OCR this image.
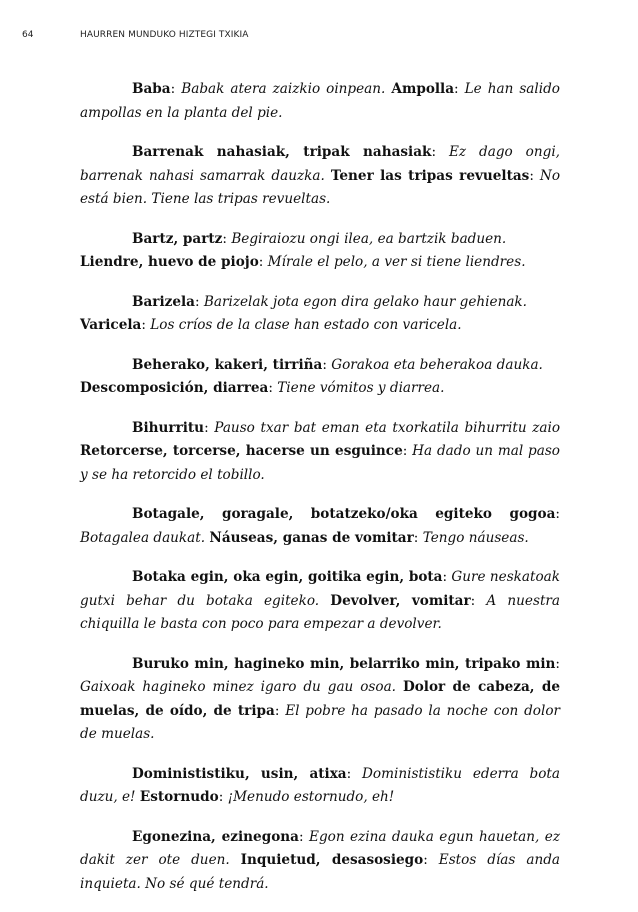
64	HAURREN MUNDUKO HIZTEGI TXIKIA

Baba: Babak atera zaizkio oinpean. Ampolla: Le han salido ampollas en la planta del pie.

Barrenak nahasiak, tripak nahasiak: Ez dago ongi, barrenak nahasi samarrak dauzka. Tener las tripas revueltas: No está bien. Tiene las tripas revueltas.

Bartz, partz: Begiraiozu ongi ilea, ea bartzik baduen.
Liendre, huevo de piojo: Mírale el pelo, a ver si tiene liendres.

Barizela: Barizelak jota egon dira gelako haur gehienak.
Varicela: Los críos de la clase han estado con varicela.

Beherako, kakeri, tirriña: Gorakoa eta beherakoa dauka.
Descomposición, diarrea: Tiene vómitos y diarrea.

Bihurritu: Pauso txar bat eman eta txorkatila bihurritu zaio Retorcerse, torcerse, hacerse un esguince: Ha dado un mal paso y se ha retorcido el tobillo.

Botagale, goragale, botatzeko/oka egiteko gogoa: Botagalea daukat. Náuseas, ganas de vomitar: Tengo náuseas.

Botaka egin, oka egin, goitika egin, bota: Gure neskatoak gutxi behar du botaka egiteko. Devolver, vomitar: A nuestra chiquilla le basta con poco para empezar a devolver.

Buruko min, hagineko min, belarriko min, tripako min: Gaixoak hagineko minez igaro du gau osoa. Dolor de cabeza, de muelas, de oído, de tripa: El pobre ha pasado la noche con dolor de muelas.

Dominististiku, usin, atixa: Dominististiku ederra bota duzu, e! Estornudo: ¡Menudo estornudo, eh!

Egonezina, ezinegona: Egon ezina dauka egun hauetan, ez dakit zer ote duen. Inquietud, desasosiego: Estos días anda inquieta. No sé qué tendrá.
